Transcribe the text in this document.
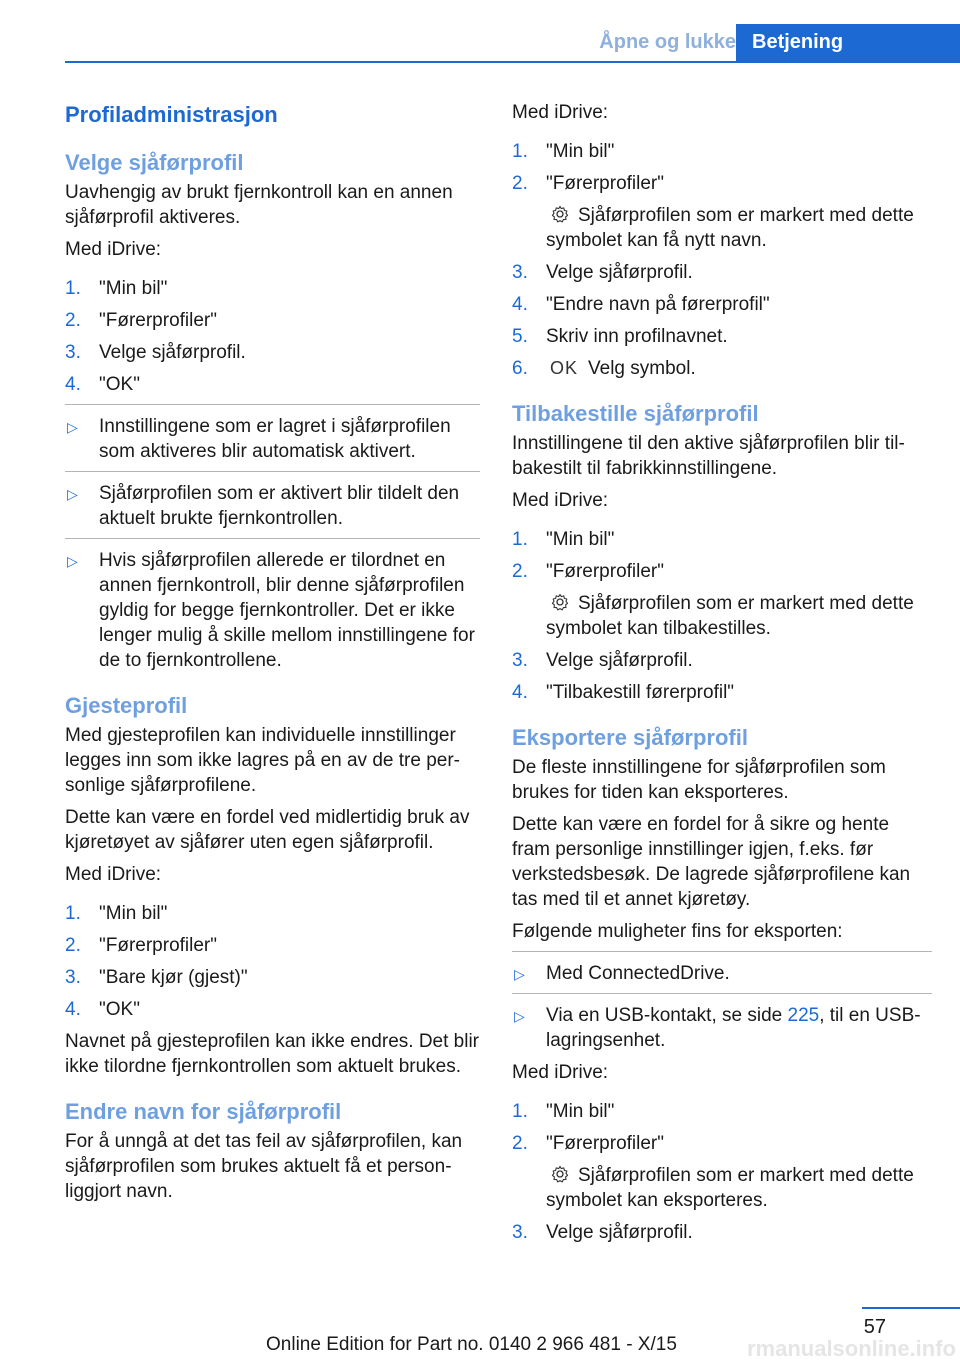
Åpne og lukke Betjening
Profiladministrasjon
Velge sjåførprofil

Uavhengig av brukt fjernkontroll kan en annen sjåførprofil aktiveres.

Med iDrive:

1. "Min bil"
2. "Førerprofiler"
3. Velge sjåførprofil.
4. "OK"
▷ Innstillingene som er lagret i sjåførprofilen som aktiveres blir automatisk aktivert.
▷ Sjåførprofilen som er aktivert blir tildelt den aktuelt brukte fjernkontrollen.
▷ Hvis sjåførprofilen allerede er tilordnet en annen fjernkontroll, blir denne sjåførprofilen gyldig for begge fjernkontroller. Det er ikke lenger mulig å skille mellom innstillingene for de to fjernkontrollene.
Gjesteprofil

Med gjesteprofilen kan individuelle innstillinger legges inn som ikke lagres på en av de tre personlige sjåførprofilene.

Dette kan være en fordel ved midlertidig bruk av kjøretøyet av sjåfører uten egen sjåførprofil.

Med iDrive:

1. "Min bil"
2. "Førerprofiler"
3. "Bare kjør (gjest)"
4. "OK"

Navnet på gjesteprofilen kan ikke endres. Det blir ikke tilordne fjernkontrollen som aktuelt brukes.

Endre navn for sjåførprofil

For å unngå at det tas feil av sjåførprofilen, kan sjåførprofilen som brukes aktuelt få et personliggjort navn.

Med iDrive:

1. "Min bil"
2. "Førerprofiler"
Sjåførprofilen som er markert med dette symbolet kan få nytt navn.
3. Velge sjåførprofil.
4. "Endre navn på førerprofil"
5. Skriv inn profilnavnet.
6. OK Velg symbol.
Tilbakestille sjåførprofil

Innstillingene til den aktive sjåførprofilen blir tilbakestilt til fabrikkinnstillingene.

Med iDrive:

1. "Min bil"
2. "Førerprofiler"
Sjåførprofilen som er markert med dette symbolet kan tilbakestilles.
3. Velge sjåførprofil.
4. "Tilbakestill førerprofil"
Eksportere sjåførprofil

De fleste innstillingene for sjåførprofilen som brukes for tiden kan eksporteres.

Dette kan være en fordel for å sikre og hente fram personlige innstillinger igjen, f.eks. før verkstedsbesøk. De lagrede sjåførprofilene kan tas med til et annet kjøretøy.

Følgende muligheter fins for eksporten:

▷ Med ConnectedDrive.
▷ Via en USB-kontakt, se side 225, til en USB-lagringsenhet.

Med iDrive:

1. "Min bil"
2. "Førerprofiler"
Sjåførprofilen som er markert med dette symbolet kan eksporteres.
3. Velge sjåførprofil.
57
Online Edition for Part no. 0140 2 966 481 - X/15	rmanualsonline.info
